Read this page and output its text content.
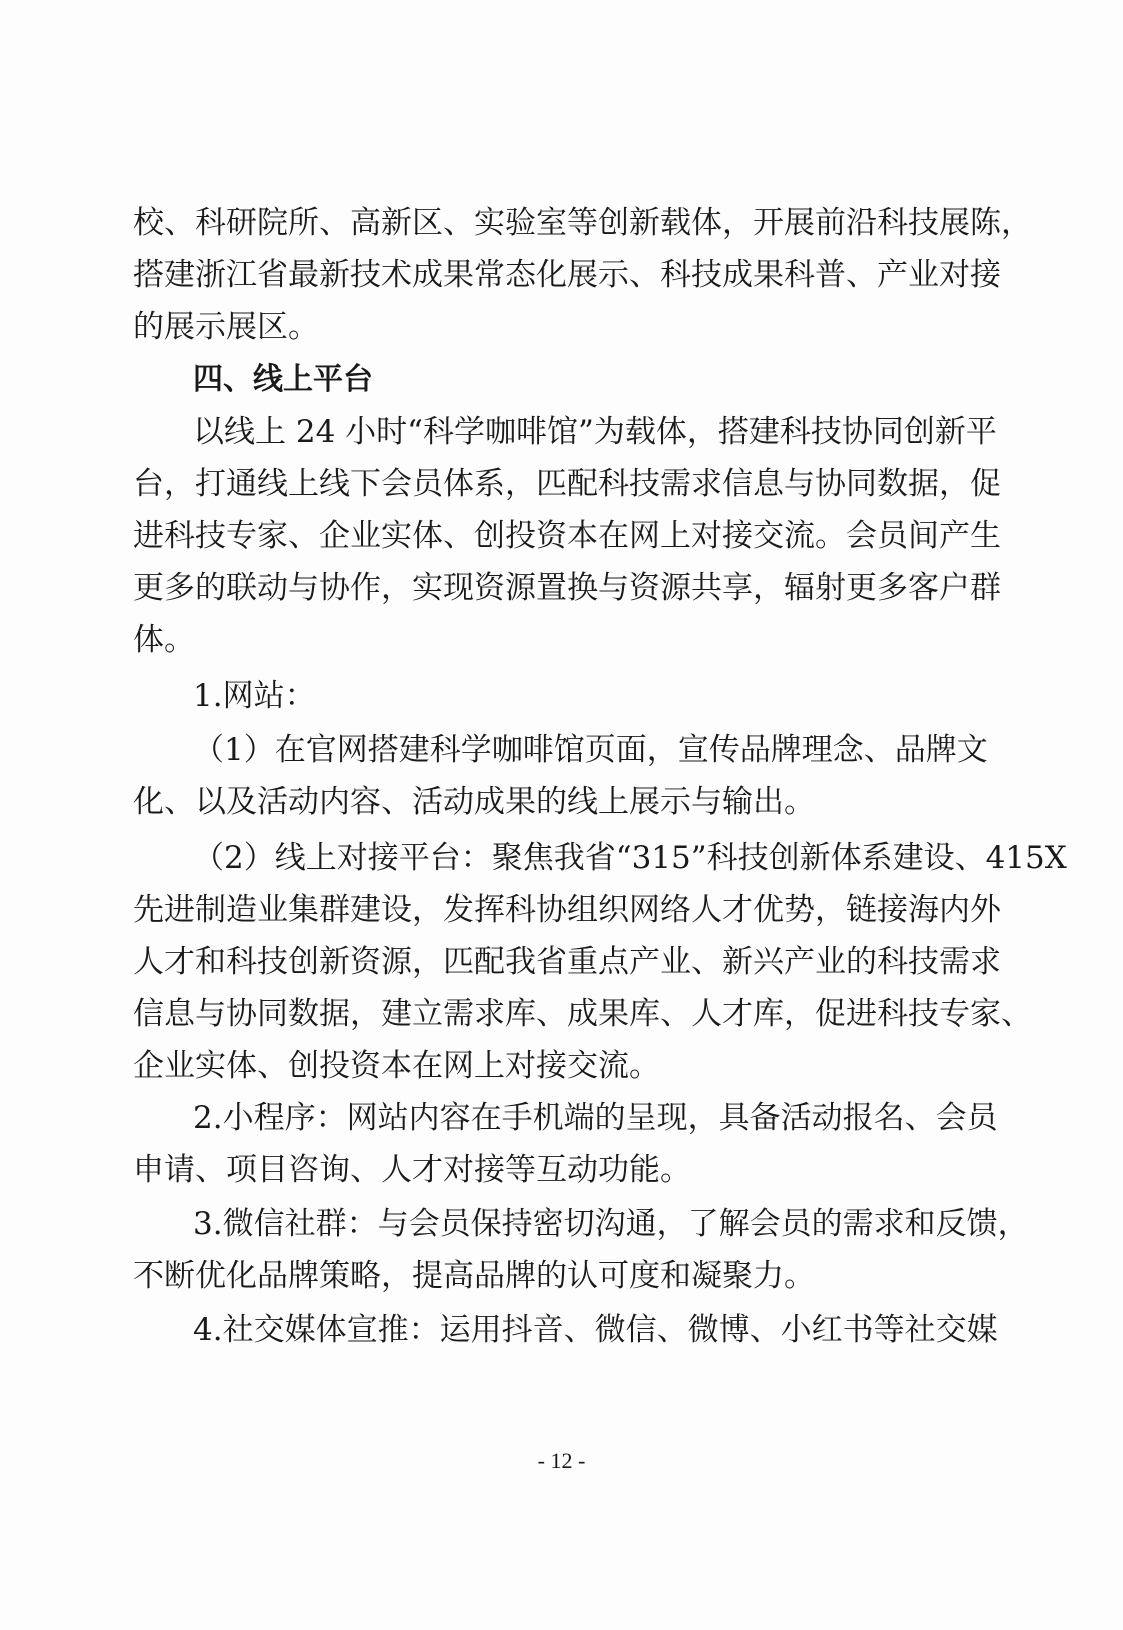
校、科研院所、高新区、实验室等创新载体，开展前沿科技展陈，
搭建浙江省最新技术成果常态化展示、科技成果科普、产业对接
的展示展区。
四、线上平台
以线上 24 小时“科学咖啡馆”为载体，搭建科技协同创新平
台，打通线上线下会员体系，匹配科技需求信息与协同数据，促
进科技专家、企业实体、创投资本在网上对接交流。会员间产生
更多的联动与协作，实现资源置换与资源共享，辐射更多客户群
体。
1.网站：
（1）在官网搭建科学咖啡馆页面，宣传品牌理念、品牌文
化、以及活动内容、活动成果的线上展示与输出。
（2）线上对接平台：聚焦我省“315”科技创新体系建设、415X
先进制造业集群建设，发挥科协组织网络人才优势，链接海内外
人才和科技创新资源，匹配我省重点产业、新兴产业的科技需求
信息与协同数据，建立需求库、成果库、人才库，促进科技专家、
企业实体、创投资本在网上对接交流。
2.小程序：网站内容在手机端的呈现，具备活动报名、会员
申请、项目咨询、人才对接等互动功能。
3.微信社群：与会员保持密切沟通，了解会员的需求和反馈，
不断优化品牌策略，提高品牌的认可度和凝聚力。
4.社交媒体宣推：运用抖音、微信、微博、小红书等社交媒
- 12 -
